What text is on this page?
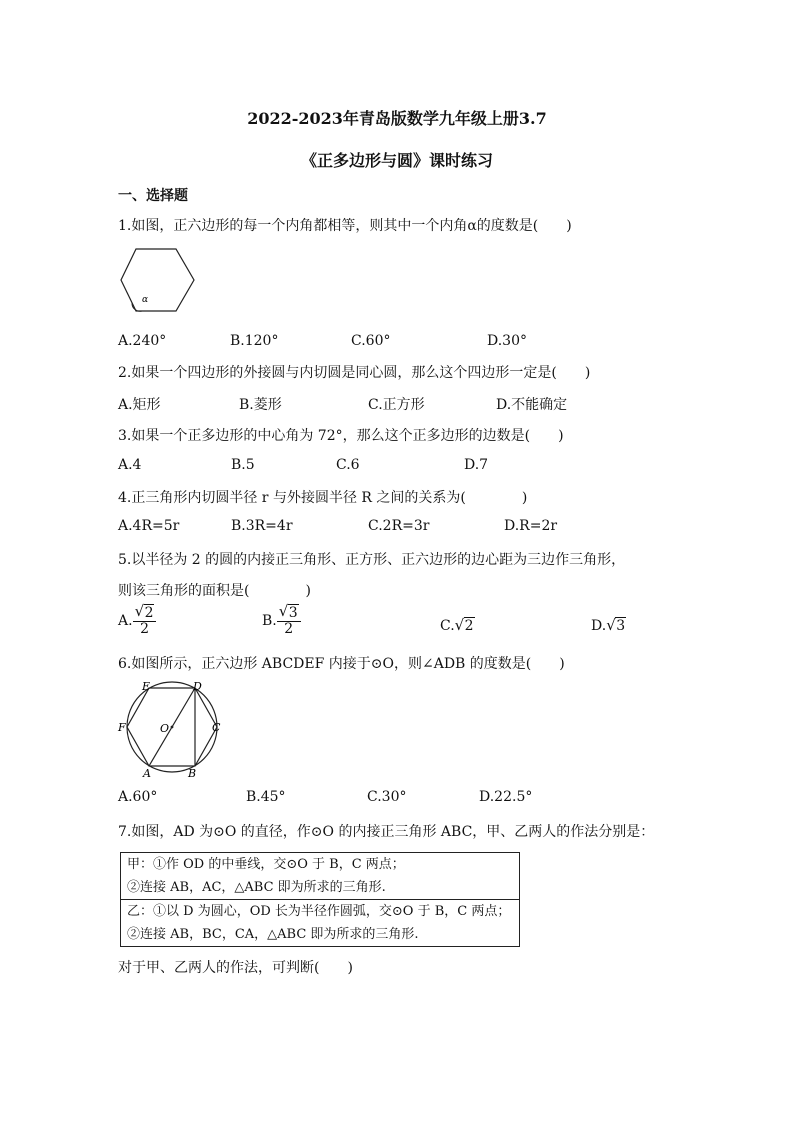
2022-2023年青岛版数学九年级上册3.7
《正多边形与圆》课时练习
一、选择题
1.如图，正六边形的每一个内角都相等，则其中一个内角α的度数是(　　)
α
A.240°	B.120°	C.60°	D.30°
2.如果一个四边形的外接圆与内切圆是同心圆，那么这个四边形一定是(　　)
A.矩形	B.菱形	C.正方形	D.不能确定
3.如果一个正多边形的中心角为 72°，那么这个正多边形的边数是(　　)
A.4	B.5	C.6	D.7
4.正三角形内切圆半径 r 与外接圆半径 R 之间的关系为(　　　　)
A.4R=5r	B.3R=4r	C.2R=3r	D.R=2r
5.以半径为 2 的圆的内接正三角形、正方形、正六边形的边心距为三边作三角形，
则该三角形的面积是(　　　　)
A. $\frac{√ 2}{2}$	B. $\frac{√ 3}{2}$	C. √ 2	D. √ 3
6.如图所示，正六边形 ABCDEF 内接于⊙O，则∠ADB 的度数是(　　)
E	D
F	C
O
A	B
A.60°	B.45°	C.30°	D.22.5°
7.如图，AD 为⊙O 的直径，作⊙O 的内接正三角形 ABC，甲、乙两人的作法分别是：
甲：①作 OD 的中垂线，交⊙O 于 B，C 两点；
②连接 AB，AC，△ABC 即为所求的三角形.
乙：①以 D 为圆心，OD 长为半径作圆弧，交⊙O 于 B，C 两点；
②连接 AB，BC，CA，△ABC 即为所求的三角形.
对于甲、乙两人的作法，可判断(　　)
